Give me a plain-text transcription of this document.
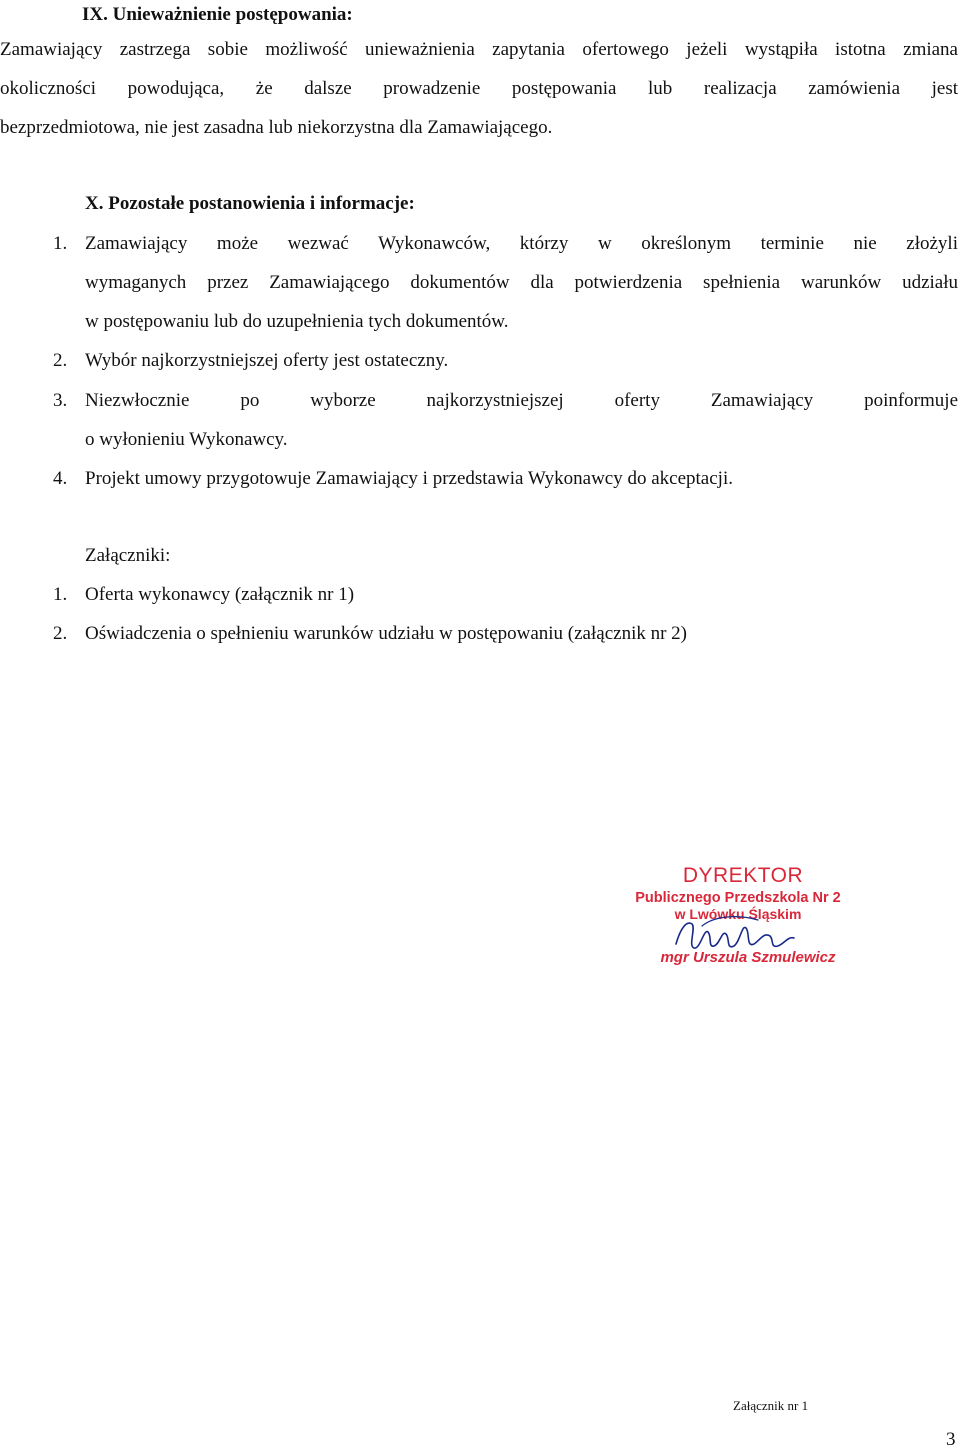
IX. Unieważnienie postępowania:
Zamawiający zastrzega sobie możliwość unieważnienia zapytania ofertowego jeżeli wystąpiła istotna zmiana
okoliczności powodująca, że dalsze prowadzenie postępowania lub realizacja zamówienia jest
bezprzedmiotowa, nie jest zasadna lub niekorzystna dla Zamawiającego.
X. Pozostałe postanowienia i informacje:
1. Zamawiający może wezwać Wykonawców, którzy w określonym terminie nie złożyli
wymaganych przez Zamawiającego dokumentów dla potwierdzenia spełnienia warunków udziału
w postępowaniu lub do uzupełnienia tych dokumentów.
2. Wybór najkorzystniejszej oferty jest ostateczny.
3. Niezwłocznie po wyborze najkorzystniejszej oferty Zamawiający poinformuje
o wyłonieniu Wykonawcy.
4. Projekt umowy przygotowuje Zamawiający i przedstawia Wykonawcy do akceptacji.
Załączniki:
1. Oferta wykonawcy (załącznik nr 1)
2. Oświadczenia o spełnieniu warunków udziału w postępowaniu (załącznik nr 2)
DYREKTOR
Publicznego Przedszkola Nr 2
w Lwówku Śląskim
mgr Urszula Szmulewicz
Załącznik nr 1
3
